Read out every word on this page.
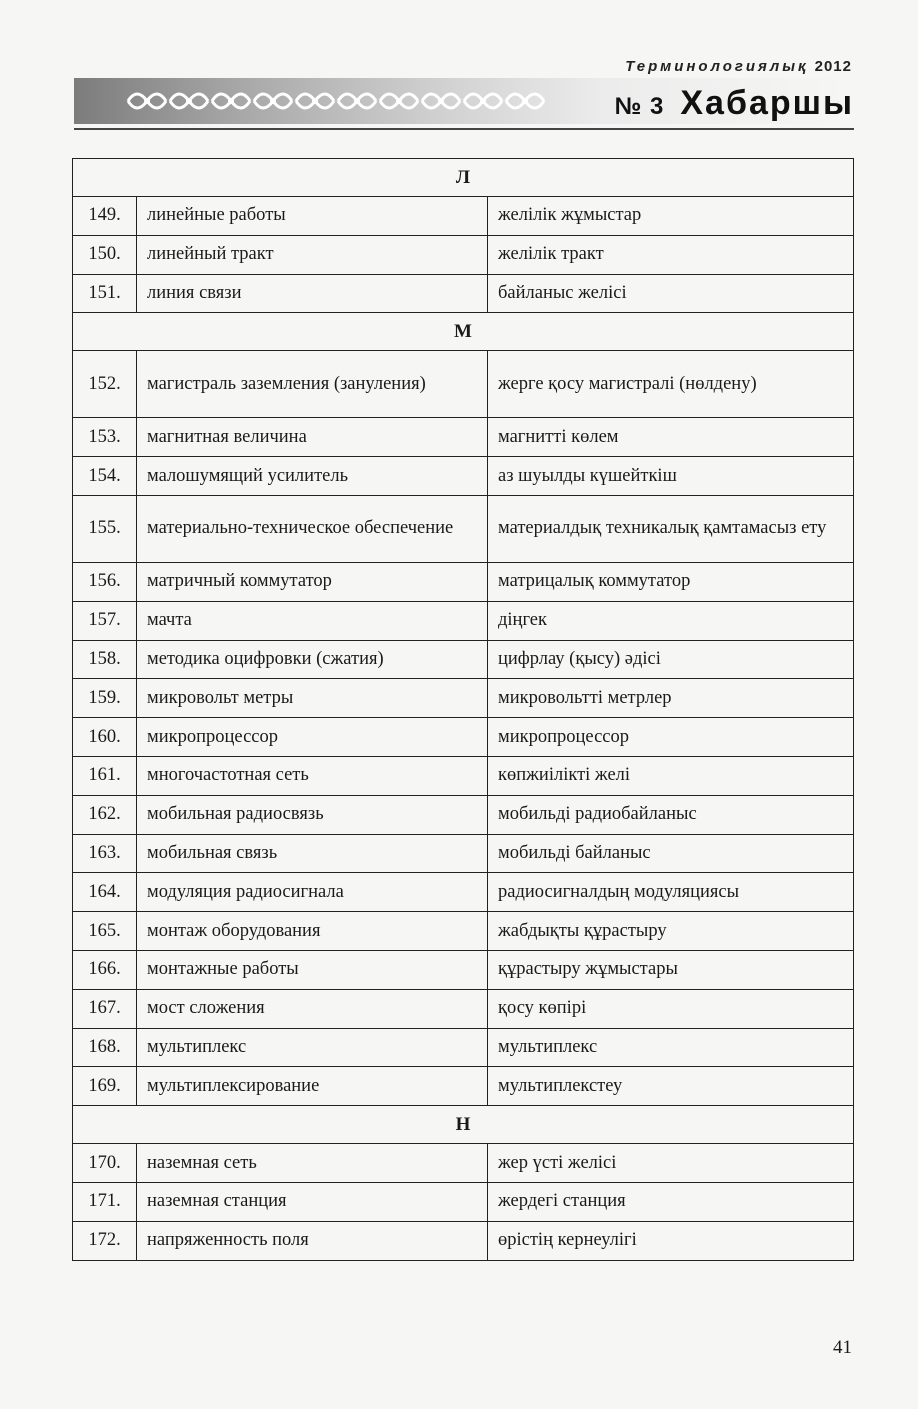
Терминологиялық 2012
№ 3 Хабаршы
Л		
149.	линейные работы	желілік жұмыстар
150.	линейный тракт	желілік тракт
151.	линия связи	байланыс желісі
М		
152.	магистраль заземления (зануления)	жерге қосу магистралі (нөлдену)
153.	магнитная величина	магнитті көлем
154.	малошумящий усилитель	аз шуылды күшейткіш
155.	материально-техническое обеспечение	материалдық техникалық қамтамасыз ету
156.	матричный коммутатор	матрицалық коммутатор
157.	мачта	діңгек
158.	методика оцифровки (сжатия)	цифрлау (қысу) әдісі
159.	микровольт метры	микровольтті метрлер
160.	микропроцессор	микропроцессор
161.	многочастотная сеть	көпжиілікті желі
162.	мобильная радиосвязь	мобильді радиобайланыс
163.	мобильная связь	мобильді байланыс
164.	модуляция радиосигнала	радиосигналдың модуляциясы
165.	монтаж оборудования	жабдықты құрастыру
166.	монтажные работы	құрастыру жұмыстары
167.	мост сложения	қосу көпірі
168.	мультиплекс	мультиплекс
169.	мультиплексирование	мультиплекстеу
Н		
170.	наземная сеть	жер үсті желісі
171.	наземная станция	жердегі станция
172.	напряженность поля	өрістің кернеулігі
41
